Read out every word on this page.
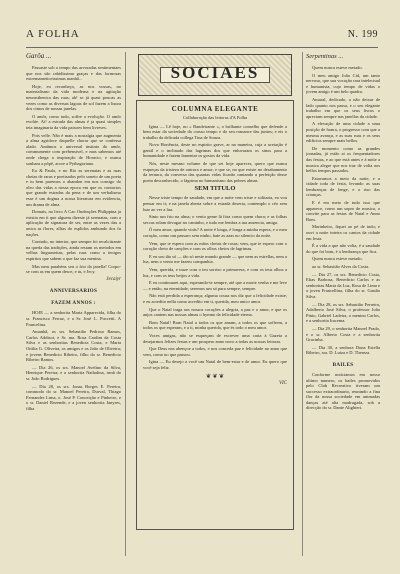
A FOLHA	N. 199
Garôa ...

Passaste sob o tempo das arvoradas sentimentaes que nos são rabidissima graças e das formosas extremameticeissimas manhã...

Hoje, eu reconheço, as nos vossas, no materialismo da vida moderna e na agitação neurasthenica das ruas; ah! se já quasi poucas as vezes como as diversas lagoas de sol fazem a lisura dos cimos de nossas janelas.

O amôr, como tudo, soffre a evolução. O amôr evolúe. Ai! a estrada das almas é ja quasi simples teia imaginaria da vida paixoes bem livreses.

Pois velle. Não é mais a nostalgia que augmenta a alma agridoce daquelle chorar que se confessa alado. Amâmos o universal instinto do amôr, commumente com prehensivel, e mas sabemos até onde chega a inspiração de Horacio, e nunca sonhara a pôpê, acore a Pythagoriano.

Eu & Paulo, e no Rio as serenatas e as ruas cheias de raras e poetisados pelo soneto de um poeta e tu bem paremos o abandon em nos consigo do oleo das vidas a nossa epoca em que os contactos que grande estradas da pena e de um verbalismo esse é um dogma a nossa literatura em evidencia, um drama de alma.

Domais, no livro A Cao Ondeações Philippina ja existia em ti que alguem dizeste já serenatas, com a aplicação de signatura de ser, entre as vezes das a unica as flores, allias do esplidos ambundo dos fu nações.

Contudo, no interior, que sempre foi recalcitrante na queda das tradições, ainda restam os metodos em velhas linguaxeitas, pelas ruas como a teoigos espiritos que sabem o que faz sua menina.

Mas nem parabéns seu o frio da janella! Corpo-se com as em quem desce, e tu, e Jecy.

Jecaiyr
ANNIVERSARIOS
FAZEM ANNOS :

HOJE — a senhorita Maria Apparecida, filha do sr. Francisco Ferraz, e a Sr. José L. Puccetti. A Francelina.

Amanhã, os srs. Sebastião Pedroso Ramos, Carlos Addisot, e Sr. ma. Rosa Cardim da Costa Silva e as senhoritas Benedicta Costa, e Maria Ottilia G. Oliveira, os amigos e os João de Oliveira; e jovens Benedicto Ribeiro, filho do sr. Benedicto Ribeiro Ramos.

— Dia 26, os srs. Manoel Avelino da Silva, Henrique Pereira; e a senhorita Nathalina, irmã do sr. João Rodrigues.

— Dia 28, os srs. Jonas Borges E. Pereira, commodo do sr. Manoel Pereira, Durval, Thiago Fernandes Lima, o. José P. Conceição e Pinheiro, e o sr. Daniel Rezende, e a joven senhorita Janyres, filha

SOCIAES
COLUMNA ELEGANTE
Collaboração das leitoras d'A Folha

Igina — Lê hoje, no « Bandeirante », o brilhante conselho que defende a bem estar da sociedade do crasso tempo e do seu romance das juntos; e eis o trabalho da delicada collega Tina de Souza.

Nova Hortência, deste no espirito grave, ar na maneira, cuja a aceiação é gentil e o inclinado das lagrimas dos que enluvaram os sinos para a humanidade e fazem lamentar os gostos da vida.

Nós, neste mesmo volume de que sei hoje aparecer, quero que nunca esqueças da tristeza de outrora e amor; e que se, no que existe no desabamento da ternura, da conversa das quantas vidas ficarão cantando a perfeição desse poeta desconhecido, o lágrima no humanismo das pobres almas.

SEM TITULO

Nesse triste tempo de saudade, em que a noite vem triste e solitaria, eu vou pensar em ti; e na janela aberta sobre a estrada deserta, contemplo o céo sem luar ao ver a lua.

Sinto um frio na alma; o vento geme lá fóra como quem chora; e as folhas seccas rolam devagar no caminho, e tudo me lembra a tua ausencia, amiga.

Ó meu amor, quando virás? A noite é longa, é longa a minha espera, e o meu coração, como um passaro sem ninho, bate as azas no silencio da noite.

Vem, que te espero com as mãos cheias de rosas; vem, que te espero com o coração cheio de canções e com os olhos cheios de lagrimas.

E eu sou tão só — tão só neste mundo grande — que nem as estrellas, nem a lua, nem o vento me fazem companhia.

Vem, querida, e traze com o teu sorriso a primavera, e com os teus olhos a luz, e com os teus beijos a vida.

E eu continuarei aqui, esperando-te sempre, até que a morte venha e me leve — e então, na eternidade, seremos um só para sempre, sempre.

Não está perdida a esperança; alguma cousa nos diz que a felicidade existe; e eu acredito nella como acredito em ti, querida, meu unico amor.

Que o Natal traga aos nossos corações a alegria, a paz e o amor, e que os anjos cantem nas nossas almas o hymno da felicidade eterna.

Bom Natal! Bom Natal a todos os que amam, a todos os que soffrem, a todos os que esperam, e a ti, minha querida, que és todo o meu amor.

Voces amigas, não se esqueçam de escrever uma carta à Gazeta a desejarmos felizes festas e um prospero anno novo a todas as nossas leitoras.

Que Deus nos abençoe a todos, e nos conceda paz e felicidade no anno que vem, como no que passou.

Igina — Eu desejo a você um Natal de bem-estar e de amor. Eu quero que você seja feliz.

❦ ❦ ❦
VIC
Serpentinas ...

Quem nunca esteve meiado.

O meu amigo João Cid, um tanto nervoso, que sua vocação rara intelectual e humanista, cujo tempo de vidas o jovem amigo é um belo quadro.

Amaral, dedicado, a não deixar de lado quanto nos passa, e o seu elegante trabalho em que os seus livros o apreciam sempre nas janellas da cidade.

A elevação de uma cidade a uma posição de honra, o progresso com que a mesma avança, e as suas ruas e os seus edificios sempre mais bellos.

De momento como as grandes jornadas, já estão ai os frequentadores das festas, e ao que está antes e á noite a musica alegre que nos traz de volta aos bellos tempos passados.

Estavamos a meio da noite, e a cidade toda de festa, levando as suas lembranças de longe, e o riso das crianças.

E é em meio de tudo isso que apparece, como um sopro de musica, o convite para as festas de Natal e Anno Bom.

Marinheiro, fiquei ao pé de tudo; e ouvi a noite inteira os cantos da cidade em festa.

É a vida a que não volta, é a saudade do que foi bom, é a lembrança que fica.

Quem nunca esteve meiado.

ao sr. Sebastião Alves da Costa.

— Dia 27, os srs. Benedicto Costa, Elias Barbosa, Benedicto Carlos e as senhoritas Maria da Luz, Rosa de Lima e a joven Francellina, filha do sr. Gastão Silva.

— Dia 28, os srs. Sebastião Ferreira, Adalberto José Silva, o professor João Pinto, Gabriel Ladeira, o menino Carlos, e a senhorita Iracema.

— Dia 29, o senhorita Manoel Prado, e o sr. Alberto Costa e a senhorita Gracinha.

— Dia 30, a senhora Dona Estella Ribeiro, sra. D. Luiza e D. Thereza.

BAILES

Conforme noticiamos em nosso ultimo numero, os bailes promovidos pelo Club Recreativo tiveram um successo extraordinario, reunindo a fina flor da nossa sociedade em animadas danças até alta madrugada, sob a direcção do sr. Dante Alighieri.
